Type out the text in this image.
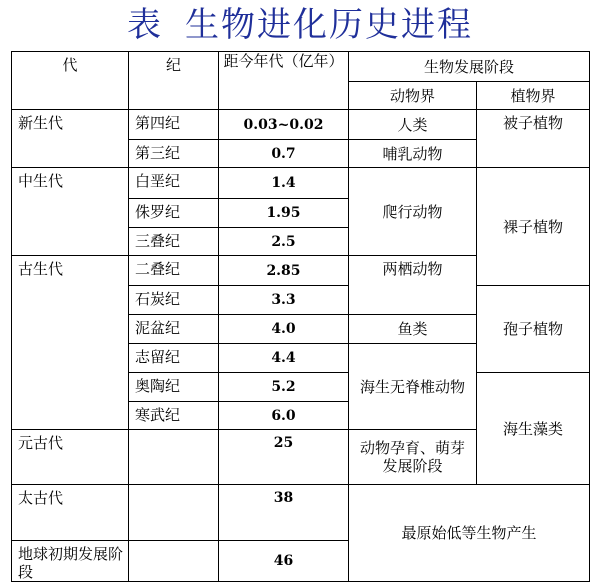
表 生物进化历史进程
代	纪	距今年代（亿年）	生物发展阶段	
			动物界	植物界
新生代	第四纪	0.03~0.02	人类	被子植物
	第三纪	0.7	哺乳动物	
中生代	白垩纪	1.4	爬行动物	裸子植物
	侏罗纪	1.95		
	三叠纪	2.5		
古生代	二叠纪	2.85	两栖动物	
	石炭纪	3.3		孢子植物
	泥盆纪	4.0	鱼类	
	志留纪	4.4	海生无脊椎动物	
	奥陶纪	5.2		海生藻类
	寒武纪	6.0		
元古代		25	动物孕育、萌芽发展阶段	
太古代		38	最原始低等生物产生	
地球初期发展阶段		46		
